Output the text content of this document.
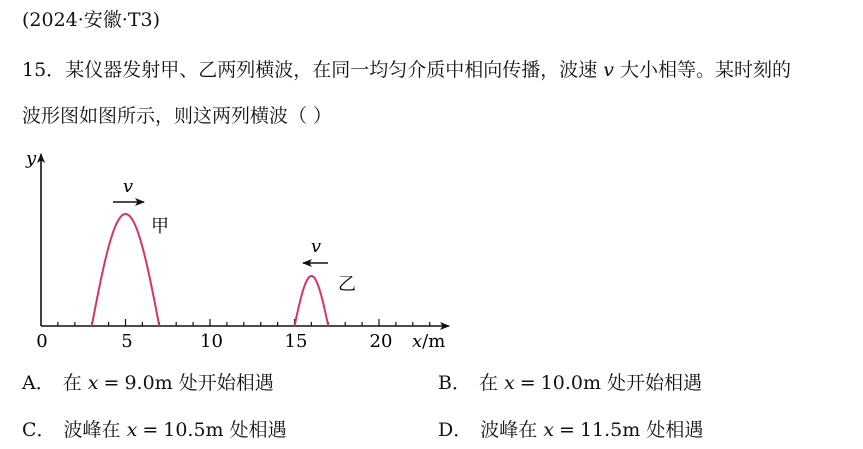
(2024·安徽·T3)
15．某仪器发射甲、乙两列横波，在同一均匀介质中相向传播，波速 v 大小相等。某时刻的
波形图如图所示，则这两列横波（ ）
y
0	5	10	15	20 x/m
v
甲
v
乙
A． 在 x = 9.0m 处开始相遇	B． 在 x = 10.0m 处开始相遇
C． 波峰在 x = 10.5m 处相遇	D． 波峰在 x = 11.5m 处相遇
